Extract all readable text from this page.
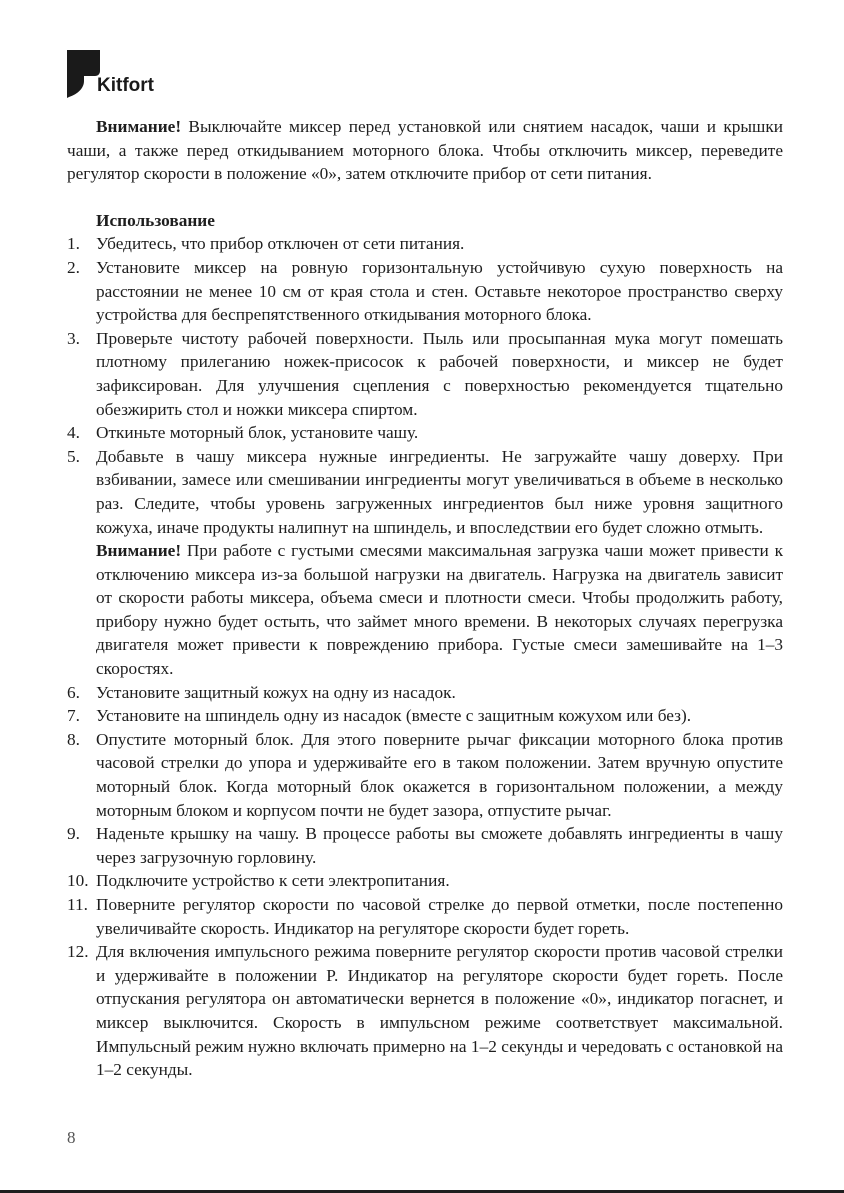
Kitfort

Внимание! Выключайте миксер перед установкой или снятием насадок, чаши и крышки чаши, а также перед откидыванием моторного блока. Чтобы отключить миксер, переведите регулятор скорости в положение «0», затем отключите прибор от сети питания.

Использование
1. Убедитесь, что прибор отключен от сети питания.
2. Установите миксер на ровную горизонтальную устойчивую сухую поверхность на расстоянии не менее 10 см от края стола и стен. Оставьте некоторое пространство сверху устройства для беспрепятственного откидывания моторного блока.
3. Проверьте чистоту рабочей поверхности. Пыль или просыпанная мука могут помешать плотному прилеганию ножек-присосок к рабочей поверхности, и миксер не будет зафиксирован. Для улучшения сцепления с поверхностью рекомендуется тщательно обезжирить стол и ножки миксера спиртом.
4. Откиньте моторный блок, установите чашу.
5. Добавьте в чашу миксера нужные ингредиенты. Не загружайте чашу доверху. При взбивании, замесе или смешивании ингредиенты могут увеличиваться в объеме в несколько раз. Следите, чтобы уровень загруженных ингредиентов был ниже уровня защитного кожуха, иначе продукты налипнут на шпиндель, и впоследствии его будет сложно отмыть.
Внимание! При работе с густыми смесями максимальная загрузка чаши может привести к отключению миксера из-за большой нагрузки на двигатель. Нагрузка на двигатель зависит от скорости работы миксера, объема смеси и плотности смеси. Чтобы продолжить работу, прибору нужно будет остыть, что займет много времени. В некоторых случаях перегрузка двигателя может привести к повреждению прибора. Густые смеси замешивайте на 1–3 скоростях.
6. Установите защитный кожух на одну из насадок.
7. Установите на шпиндель одну из насадок (вместе с защитным кожухом или без).
8. Опустите моторный блок. Для этого поверните рычаг фиксации моторного блока против часовой стрелки до упора и удерживайте его в таком положении. Затем вручную опустите моторный блок. Когда моторный блок окажется в горизонтальном положении, а между моторным блоком и корпусом почти не будет зазора, отпустите рычаг.
9. Наденьте крышку на чашу. В процессе работы вы сможете добавлять ингредиенты в чашу через загрузочную горловину.
10. Подключите устройство к сети электропитания.
11. Поверните регулятор скорости по часовой стрелке до первой отметки, после постепенно увеличивайте скорость. Индикатор на регуляторе скорости будет гореть.
12. Для включения импульсного режима поверните регулятор скорости против часовой стрелки и удерживайте в положении P. Индикатор на регуляторе скорости будет гореть. После отпускания регулятора он автоматически вернется в положение «0», индикатор погаснет, и миксер выключится. Скорость в импульсном режиме соответствует максимальной. Импульсный режим нужно включать примерно на 1–2 секунды и чередовать с остановкой на 1–2 секунды.
8
